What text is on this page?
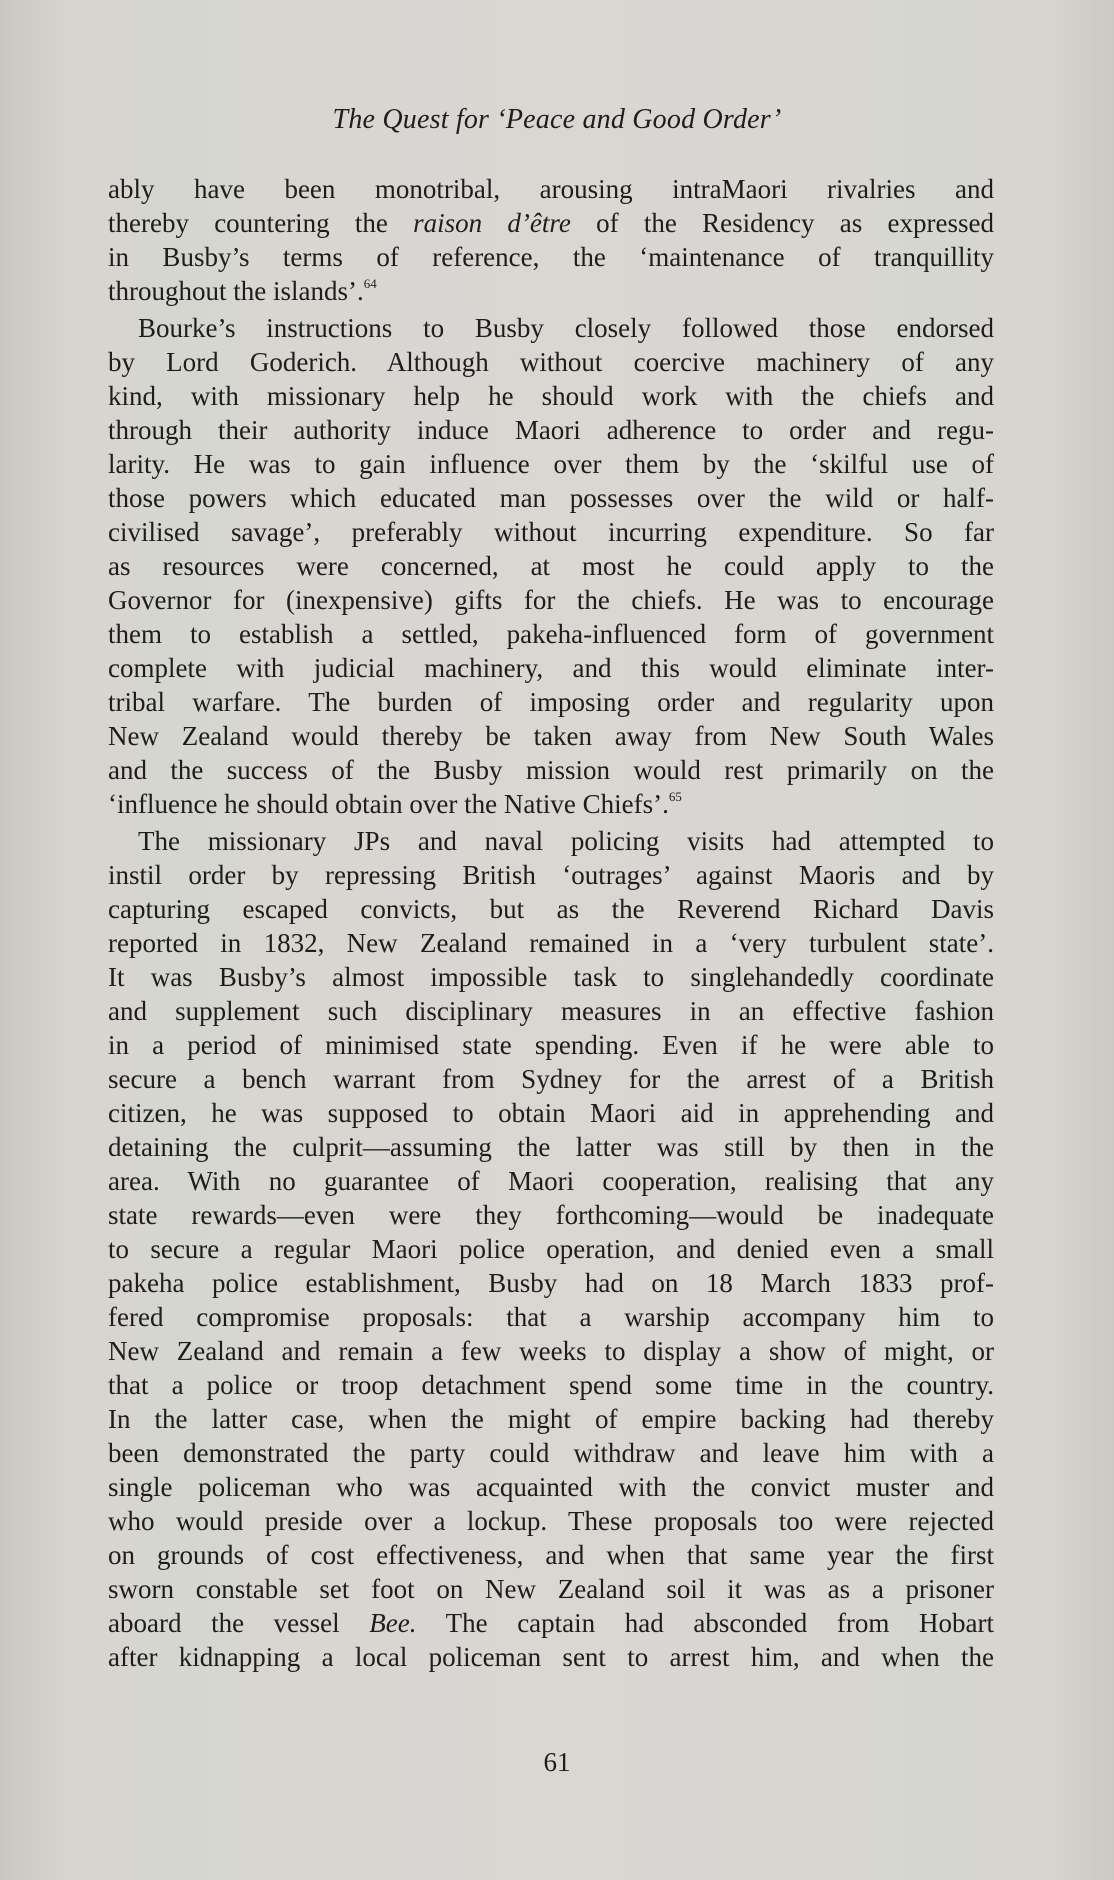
The Quest for ‘Peace and Good Order’
ably have been monotribal, arousing intraMaori rivalries and
thereby countering the raison d’être of the Residency as expressed
in Busby’s terms of reference, the ‘maintenance of tranquillity
throughout the islands’.$^{64}$
Bourke’s instructions to Busby closely followed those endorsed
by Lord Goderich. Although without coercive machinery of any
kind, with missionary help he should work with the chiefs and
through their authority induce Maori adherence to order and regu-
larity. He was to gain influence over them by the ‘skilful use of
those powers which educated man possesses over the wild or half-
civilised savage’, preferably without incurring expenditure. So far
as resources were concerned, at most he could apply to the
Governor for (inexpensive) gifts for the chiefs. He was to encourage
them to establish a settled, pakeha-influenced form of government
complete with judicial machinery, and this would eliminate inter-
tribal warfare. The burden of imposing order and regularity upon
New Zealand would thereby be taken away from New South Wales
and the success of the Busby mission would rest primarily on the
‘influence he should obtain over the Native Chiefs’.$^{65}$
The missionary JPs and naval policing visits had attempted to
instil order by repressing British ‘outrages’ against Maoris and by
capturing escaped convicts, but as the Reverend Richard Davis
reported in 1832, New Zealand remained in a ‘very turbulent state’.
It was Busby’s almost impossible task to singlehandedly coordinate
and supplement such disciplinary measures in an effective fashion
in a period of minimised state spending. Even if he were able to
secure a bench warrant from Sydney for the arrest of a British
citizen, he was supposed to obtain Maori aid in apprehending and
detaining the culprit—assuming the latter was still by then in the
area. With no guarantee of Maori cooperation, realising that any
state rewards—even were they forthcoming—would be inadequate
to secure a regular Maori police operation, and denied even a small
pakeha police establishment, Busby had on 18 March 1833 prof-
fered compromise proposals: that a warship accompany him to
New Zealand and remain a few weeks to display a show of might, or
that a police or troop detachment spend some time in the country.
In the latter case, when the might of empire backing had thereby
been demonstrated the party could withdraw and leave him with a
single policeman who was acquainted with the convict muster and
who would preside over a lockup. These proposals too were rejected
on grounds of cost effectiveness, and when that same year the first
sworn constable set foot on New Zealand soil it was as a prisoner
aboard the vessel Bee. The captain had absconded from Hobart
after kidnapping a local policeman sent to arrest him, and when the
61
